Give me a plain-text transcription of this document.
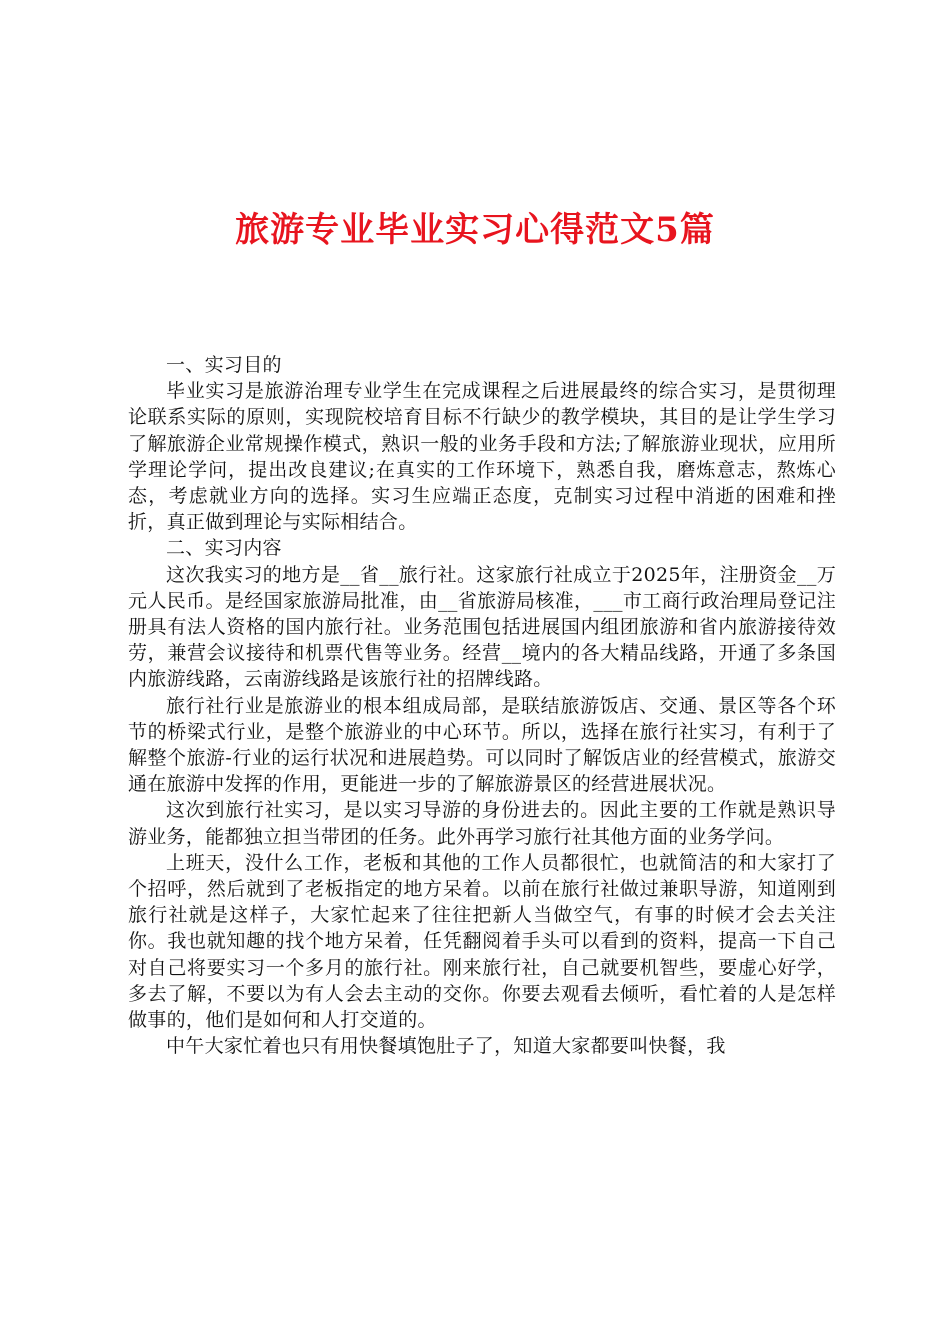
旅游专业毕业实习心得范文5篇

一、实习目的

毕业实习是旅游治理专业学生在完成课程之后进展最终的综合实习，是贯彻理论联系实际的原则，实现院校培育目标不行缺少的教学模块，其目的是让学生学习了解旅游企业常规操作模式，熟识一般的业务手段和方法;了解旅游业现状，应用所学理论学问，提出改良建议;在真实的工作环境下，熟悉自我，磨炼意志，熬炼心态，考虑就业方向的选择。实习生应端正态度，克制实习过程中消逝的困难和挫折，真正做到理论与实际相结合。

二、实习内容

这次我实习的地方是__省__旅行社。这家旅行社成立于2025年，注册资金__万元人民币。是经国家旅游局批准，由__省旅游局核准，___市工商行政治理局登记注册具有法人资格的国内旅行社。业务范围包括进展国内组团旅游和省内旅游接待效劳，兼营会议接待和机票代售等业务。经营__境内的各大精品线路，开通了多条国内旅游线路，云南游线路是该旅行社的招牌线路。

旅行社行业是旅游业的根本组成局部，是联结旅游饭店、交通、景区等各个环节的桥梁式行业，是整个旅游业的中心环节。所以，选择在旅行社实习，有利于了解整个旅游-行业的运行状况和进展趋势。可以同时了解饭店业的经营模式，旅游交通在旅游中发挥的作用，更能进一步的了解旅游景区的经营进展状况。

这次到旅行社实习，是以实习导游的身份进去的。因此主要的工作就是熟识导游业务，能都独立担当带团的任务。此外再学习旅行社其他方面的业务学问。

上班天，没什么工作，老板和其他的工作人员都很忙，也就简洁的和大家打了个招呼，然后就到了老板指定的地方呆着。以前在旅行社做过兼职导游，知道刚到旅行社就是这样子，大家忙起来了往往把新人当做空气，有事的时候才会去关注你。我也就知趣的找个地方呆着，任凭翻阅着手头可以看到的资料，提高一下自己对自己将要实习一个多月的旅行社。刚来旅行社，自己就要机智些，要虚心好学，多去了解，不要以为有人会去主动的交你。你要去观看去倾听，看忙着的人是怎样做事的，他们是如何和人打交道的。

中午大家忙着也只有用快餐填饱肚子了，知道大家都要叫快餐，我
